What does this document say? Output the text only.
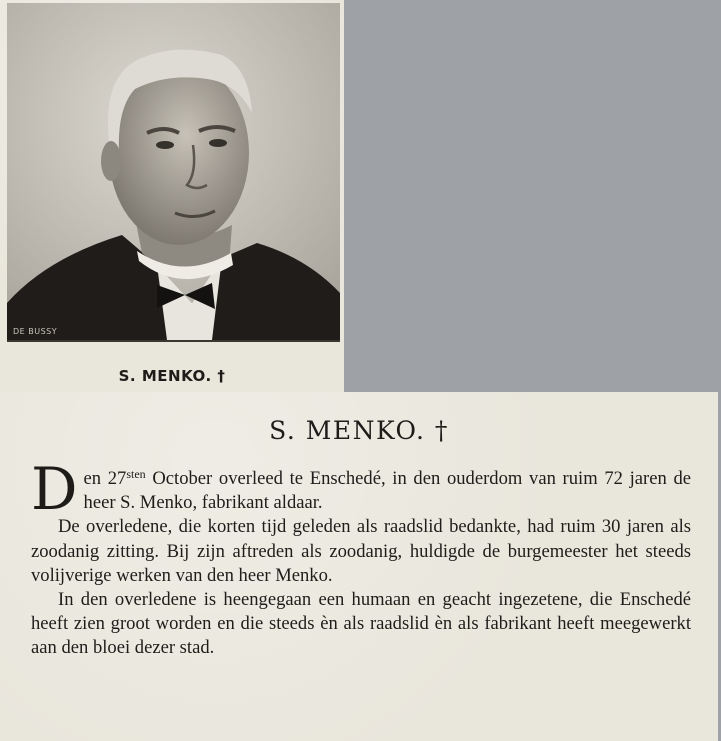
DE BUSSY
S. MENKO. †
S. MENKO. †

Den $27^{sten}$ October overleed te Enschedé, in den ouderdom van ruim 72 jaren de heer S. Menko, fabrikant aldaar.

De overledene, die korten tijd geleden als raadslid bedankte, had ruim 30 jaren als zoodanig zitting. Bij zijn aftreden als zoodanig, huldigde de burgemeester het steeds volijverige werken van den heer Menko.

In den overledene is heengegaan een humaan en geacht ingezetene, die Enschedé heeft zien groot worden en die steeds èn als raadslid èn als fabrikant heeft meegewerkt aan den bloei dezer stad.
